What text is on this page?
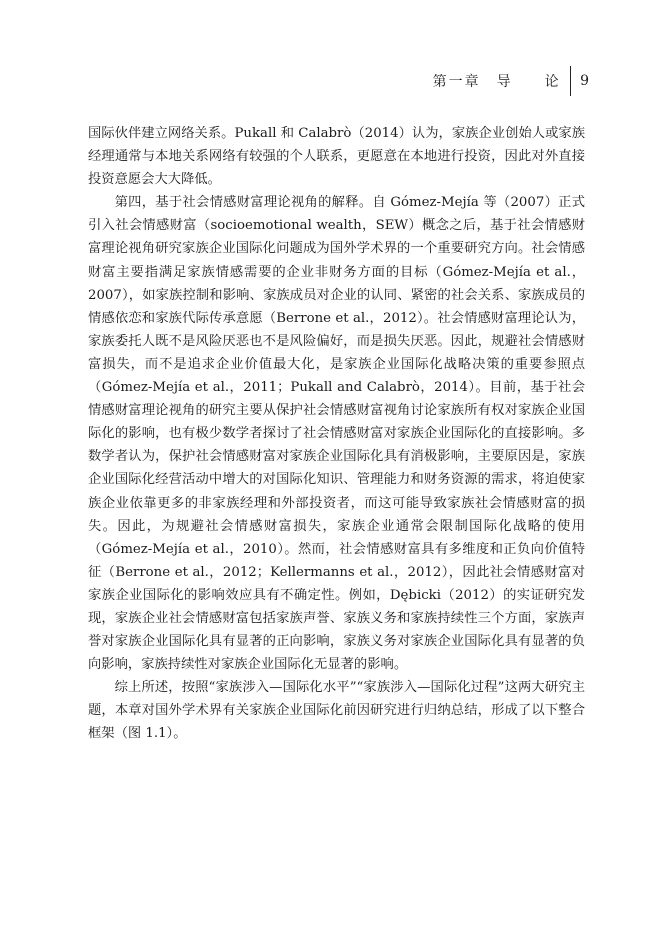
第一章　导　　论	9

国际伙伴建立网络关系。Pukall 和 Calabrò（2014）认为，家族企业创始人或家族经理通常与本地关系网络有较强的个人联系，更愿意在本地进行投资，因此对外直接投资意愿会大大降低。

第四，基于社会情感财富理论视角的解释。自 Gómez-Mejía 等（2007）正式引入社会情感财富（socioemotional wealth，SEW）概念之后，基于社会情感财富理论视角研究家族企业国际化问题成为国外学术界的一个重要研究方向。社会情感财富主要指满足家族情感需要的企业非财务方面的目标（Gómez-Mejía et al.，2007），如家族控制和影响、家族成员对企业的认同、紧密的社会关系、家族成员的情感依恋和家族代际传承意愿（Berrone et al.，2012）。社会情感财富理论认为，家族委托人既不是风险厌恶也不是风险偏好，而是损失厌恶。因此，规避社会情感财富损失，而不是追求企业价值最大化，是家族企业国际化战略决策的重要参照点（Gómez-Mejía et al.，2011；Pukall and Calabrò，2014）。目前，基于社会情感财富理论视角的研究主要从保护社会情感财富视角讨论家族所有权对家族企业国际化的影响，也有极少数学者探讨了社会情感财富对家族企业国际化的直接影响。多数学者认为，保护社会情感财富对家族企业国际化具有消极影响，主要原因是，家族企业国际化经营活动中增大的对国际化知识、管理能力和财务资源的需求，将迫使家族企业依靠更多的非家族经理和外部投资者，而这可能导致家族社会情感财富的损失。因此，为规避社会情感财富损失，家族企业通常会限制国际化战略的使用（Gómez-Mejía et al.，2010）。然而，社会情感财富具有多维度和正负向价值特征（Berrone et al.，2012；Kellermanns et al.，2012），因此社会情感财富对家族企业国际化的影响效应具有不确定性。例如，Dębicki（2012）的实证研究发现，家族企业社会情感财富包括家族声誉、家族义务和家族持续性三个方面，家族声誉对家族企业国际化具有显著的正向影响，家族义务对家族企业国际化具有显著的负向影响，家族持续性对家族企业国际化无显著的影响。

综上所述，按照“家族涉入—国际化水平”“家族涉入—国际化过程”这两大研究主题，本章对国外学术界有关家族企业国际化前因研究进行归纳总结，形成了以下整合框架（图 1.1）。
